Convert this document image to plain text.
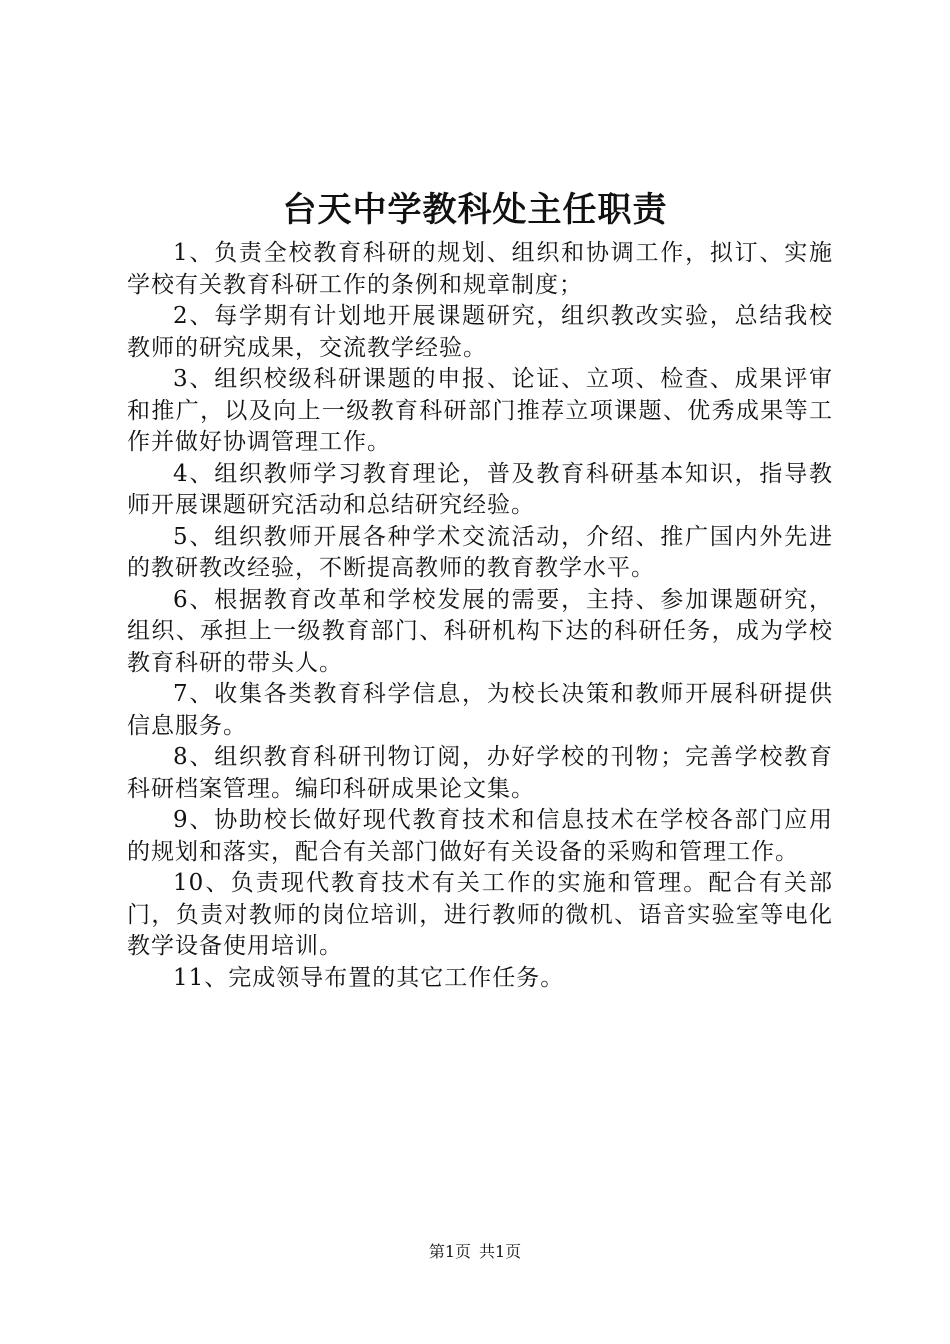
台天中学教科处主任职责

1、负责全校教育科研的规划、组织和协调工作，拟订、实施学校有关教育科研工作的条例和规章制度；

2、每学期有计划地开展课题研究，组织教改实验，总结我校教师的研究成果，交流教学经验。

3、组织校级科研课题的申报、论证、立项、检查、成果评审和推广，以及向上一级教育科研部门推荐立项课题、优秀成果等工作并做好协调管理工作。

4、组织教师学习教育理论，普及教育科研基本知识，指导教师开展课题研究活动和总结研究经验。

5、组织教师开展各种学术交流活动，介绍、推广国内外先进的教研教改经验，不断提高教师的教育教学水平。

6、根据教育改革和学校发展的需要，主持、参加课题研究，组织、承担上一级教育部门、科研机构下达的科研任务，成为学校教育科研的带头人。

7、收集各类教育科学信息，为校长决策和教师开展科研提供信息服务。

8、组织教育科研刊物订阅，办好学校的刊物；完善学校教育科研档案管理。编印科研成果论文集。

9、协助校长做好现代教育技术和信息技术在学校各部门应用的规划和落实，配合有关部门做好有关设备的采购和管理工作。

10、负责现代教育技术有关工作的实施和管理。配合有关部门，负责对教师的岗位培训，进行教师的微机、语音实验室等电化教学设备使用培训。

11、完成领导布置的其它工作任务。

第1页 共1页
